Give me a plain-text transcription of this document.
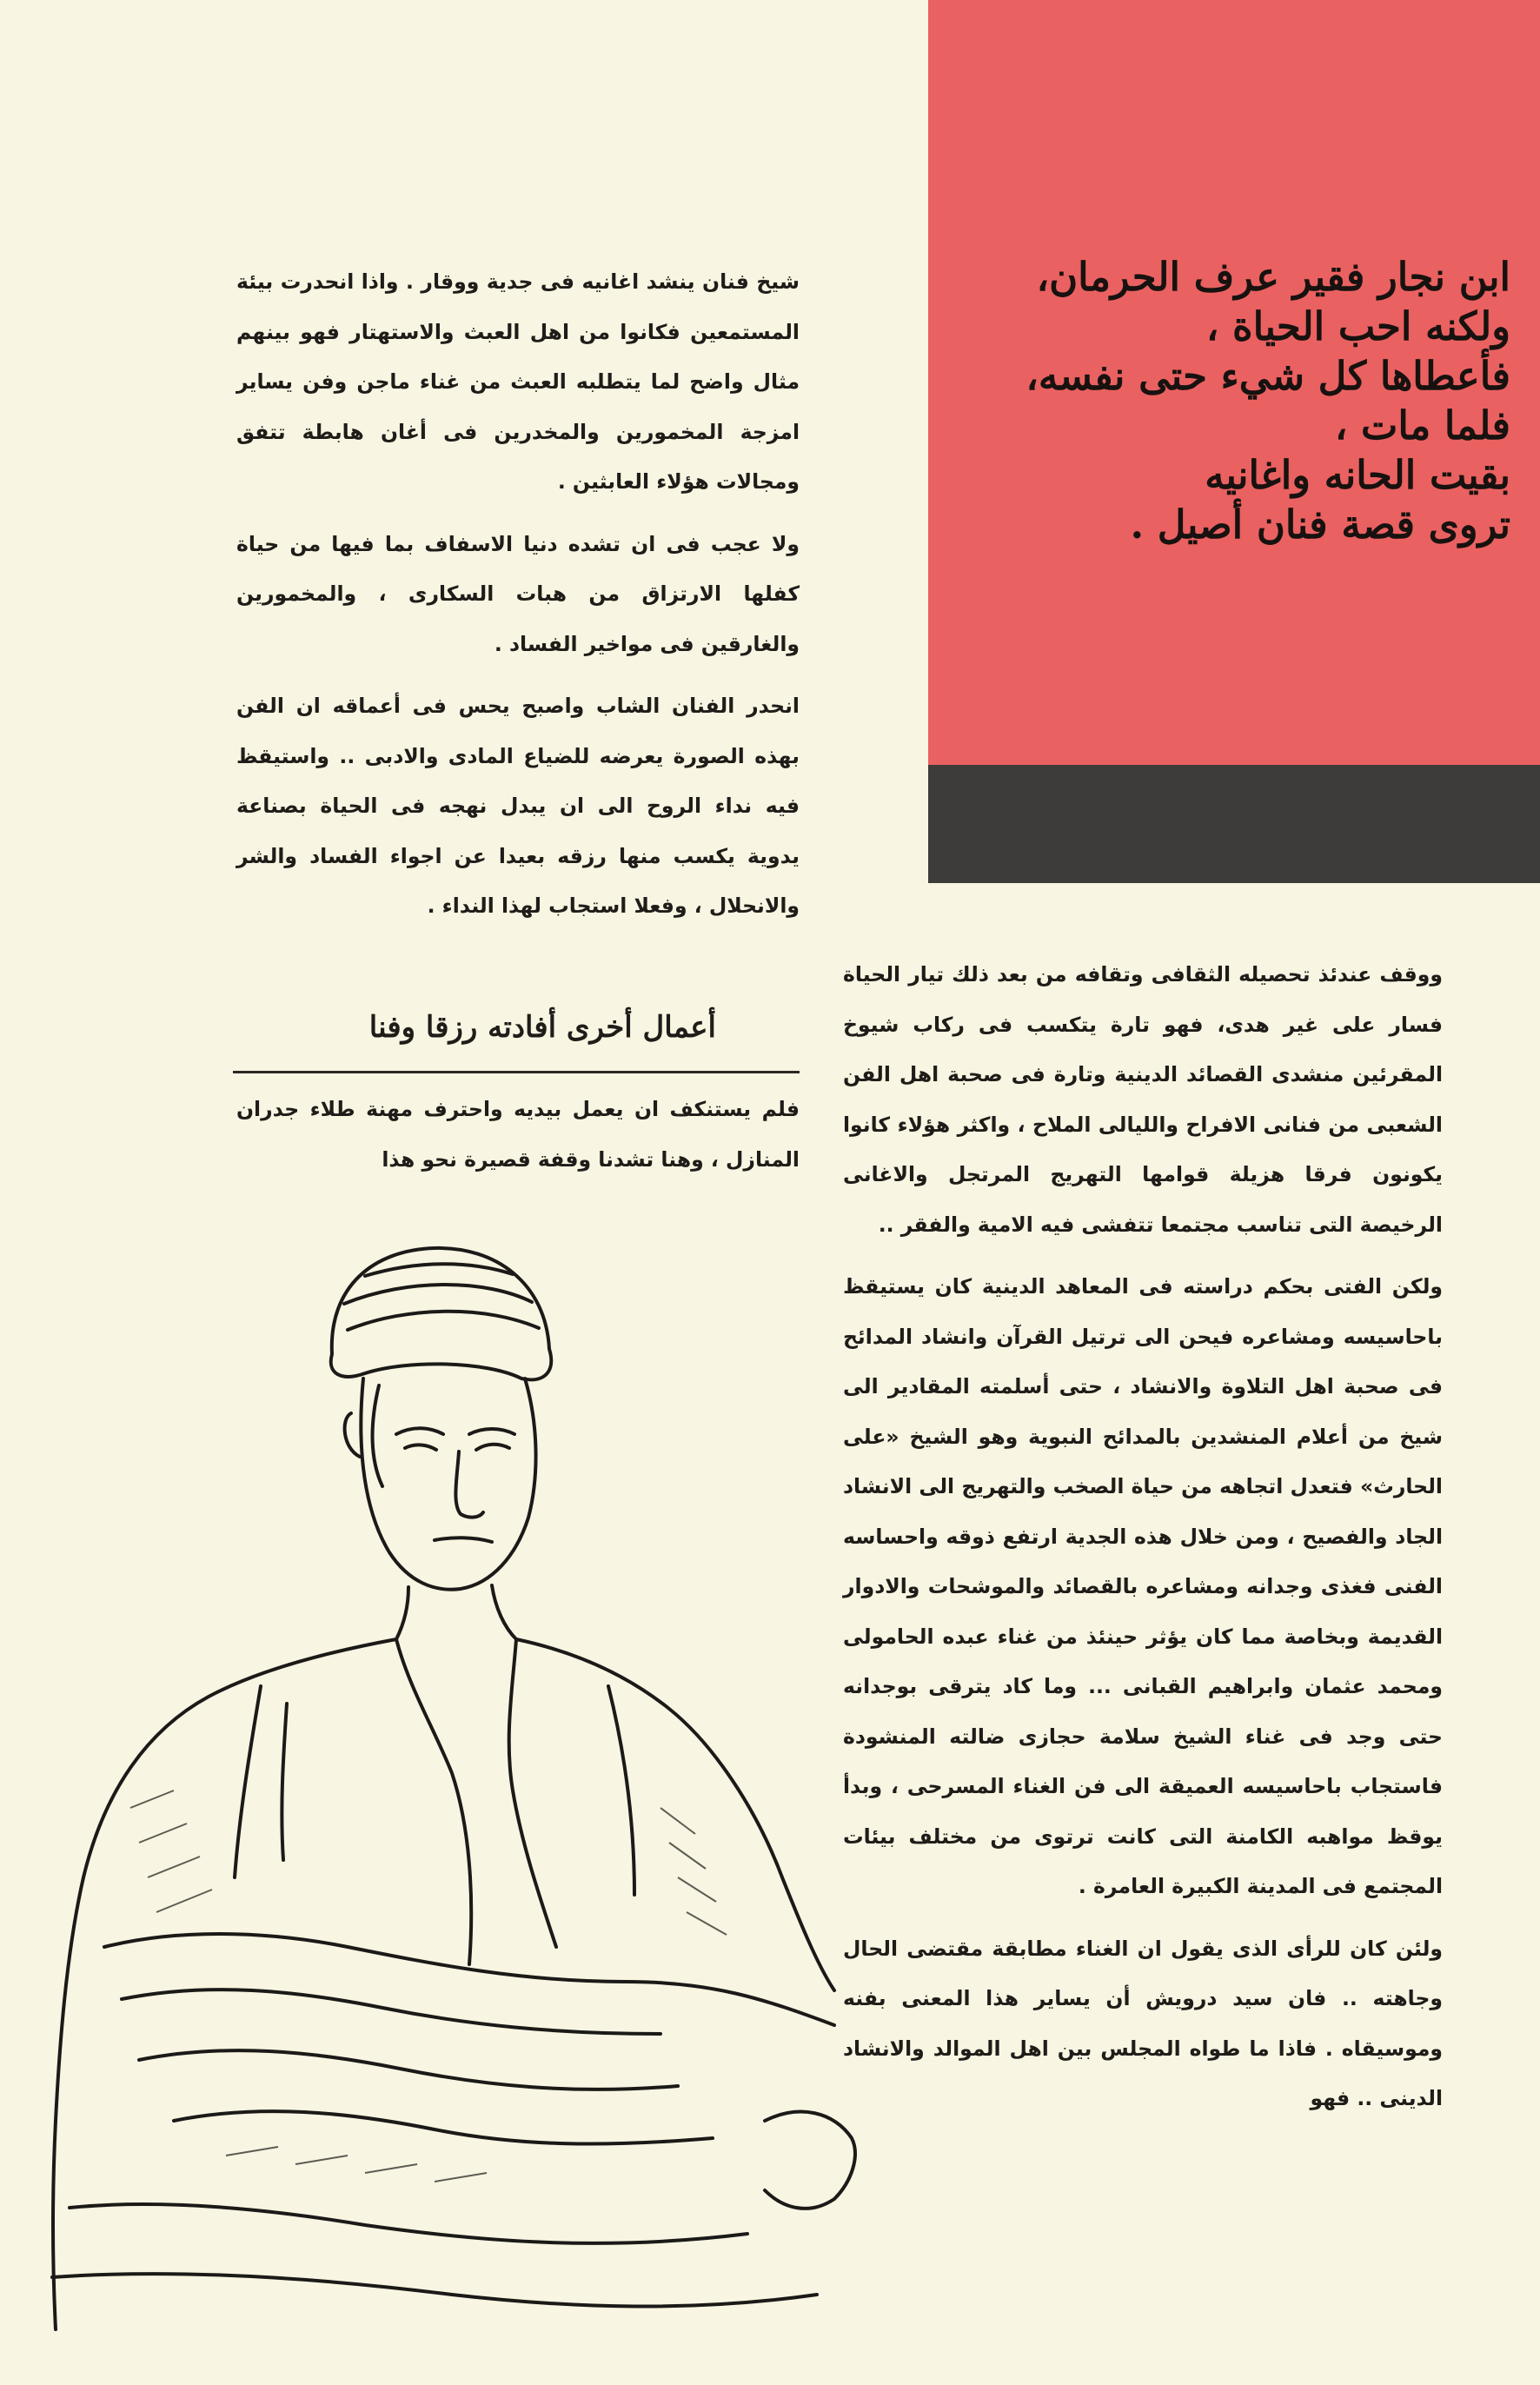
ابن نجار فقير عرف الحرمان،
ولكنه احب الحياة ،
فأعطاها كل شيء حتى نفسه،
فلما مات ،
بقيت الحانه واغانيه
تروى قصة فنان أصيل .

شيخ فنان ينشد اغانيه فى جدية ووقار . واذا انحدرت بيئة المستمعين فكانوا من اهل العبث والاستهتار فهو بينهم مثال واضح لما يتطلبه العبث من غناء ماجن وفن يساير امزجة المخمورين والمخدرين فى أغان هابطة تتفق ومجالات هؤلاء العابثين .

ولا عجب فى ان تشده دنيا الاسفاف بما فيها من حياة كفلها الارتزاق من هبات السكارى ، والمخمورين والغارقين فى مواخير الفساد .

انحدر الفنان الشاب واصبح يحس فى أعماقه ان الفن بهذه الصورة يعرضه للضياع المادى والادبى .. واستيقظ فيه نداء الروح الى ان يبدل نهجه فى الحياة بصناعة يدوية يكسب منها رزقه بعيدا عن اجواء الفساد والشر والانحلال ، وفعلا استجاب لهذا النداء .

أعمال أخرى أفادته رزقا وفنا

فلم يستنكف ان يعمل بيديه واحترف مهنة طلاء جدران المنازل ، وهنا تشدنا وقفة قصيرة نحو هذا

ووقف عندئذ تحصيله الثقافى وتقافه من بعد ذلك تيار الحياة فسار على غير هدى، فهو تارة يتكسب فى ركاب شيوخ المقرئين منشدى القصائد الدينية وتارة فى صحبة اهل الفن الشعبى من فنانى الافراح والليالى الملاح ، واكثر هؤلاء كانوا يكونون فرقا هزيلة قوامها التهريج المرتجل والاغانى الرخيصة التى تناسب مجتمعا تتفشى فيه الامية والفقر ..

ولكن الفتى بحكم دراسته فى المعاهد الدينية كان يستيقظ باحاسيسه ومشاعره فيحن الى ترتيل القرآن وانشاد المدائح فى صحبة اهل التلاوة والانشاد ، حتى أسلمته المقادير الى شيخ من أعلام المنشدين بالمدائح النبوية وهو الشيخ «على الحارث» فتعدل اتجاهه من حياة الصخب والتهريج الى الانشاد الجاد والفصيح ، ومن خلال هذه الجدية ارتفع ذوقه واحساسه الفنى فغذى وجدانه ومشاعره بالقصائد والموشحات والادوار القديمة وبخاصة مما كان يؤثر حينئذ من غناء عبده الحامولى ومحمد عثمان وابراهيم القبانى ... وما كاد يترقى بوجدانه حتى وجد فى غناء الشيخ سلامة حجازى ضالته المنشودة فاستجاب باحاسيسه العميقة الى فن الغناء المسرحى ، وبدأ يوقظ مواهبه الكامنة التى كانت ترتوى من مختلف بيئات المجتمع فى المدينة الكبيرة العامرة .

ولئن كان للرأى الذى يقول ان الغناء مطابقة مقتضى الحال وجاهته .. فان سيد درويش أن يساير هذا المعنى بفنه وموسيقاه . فاذا ما طواه المجلس بين اهل الموالد والانشاد الدينى .. فهو
